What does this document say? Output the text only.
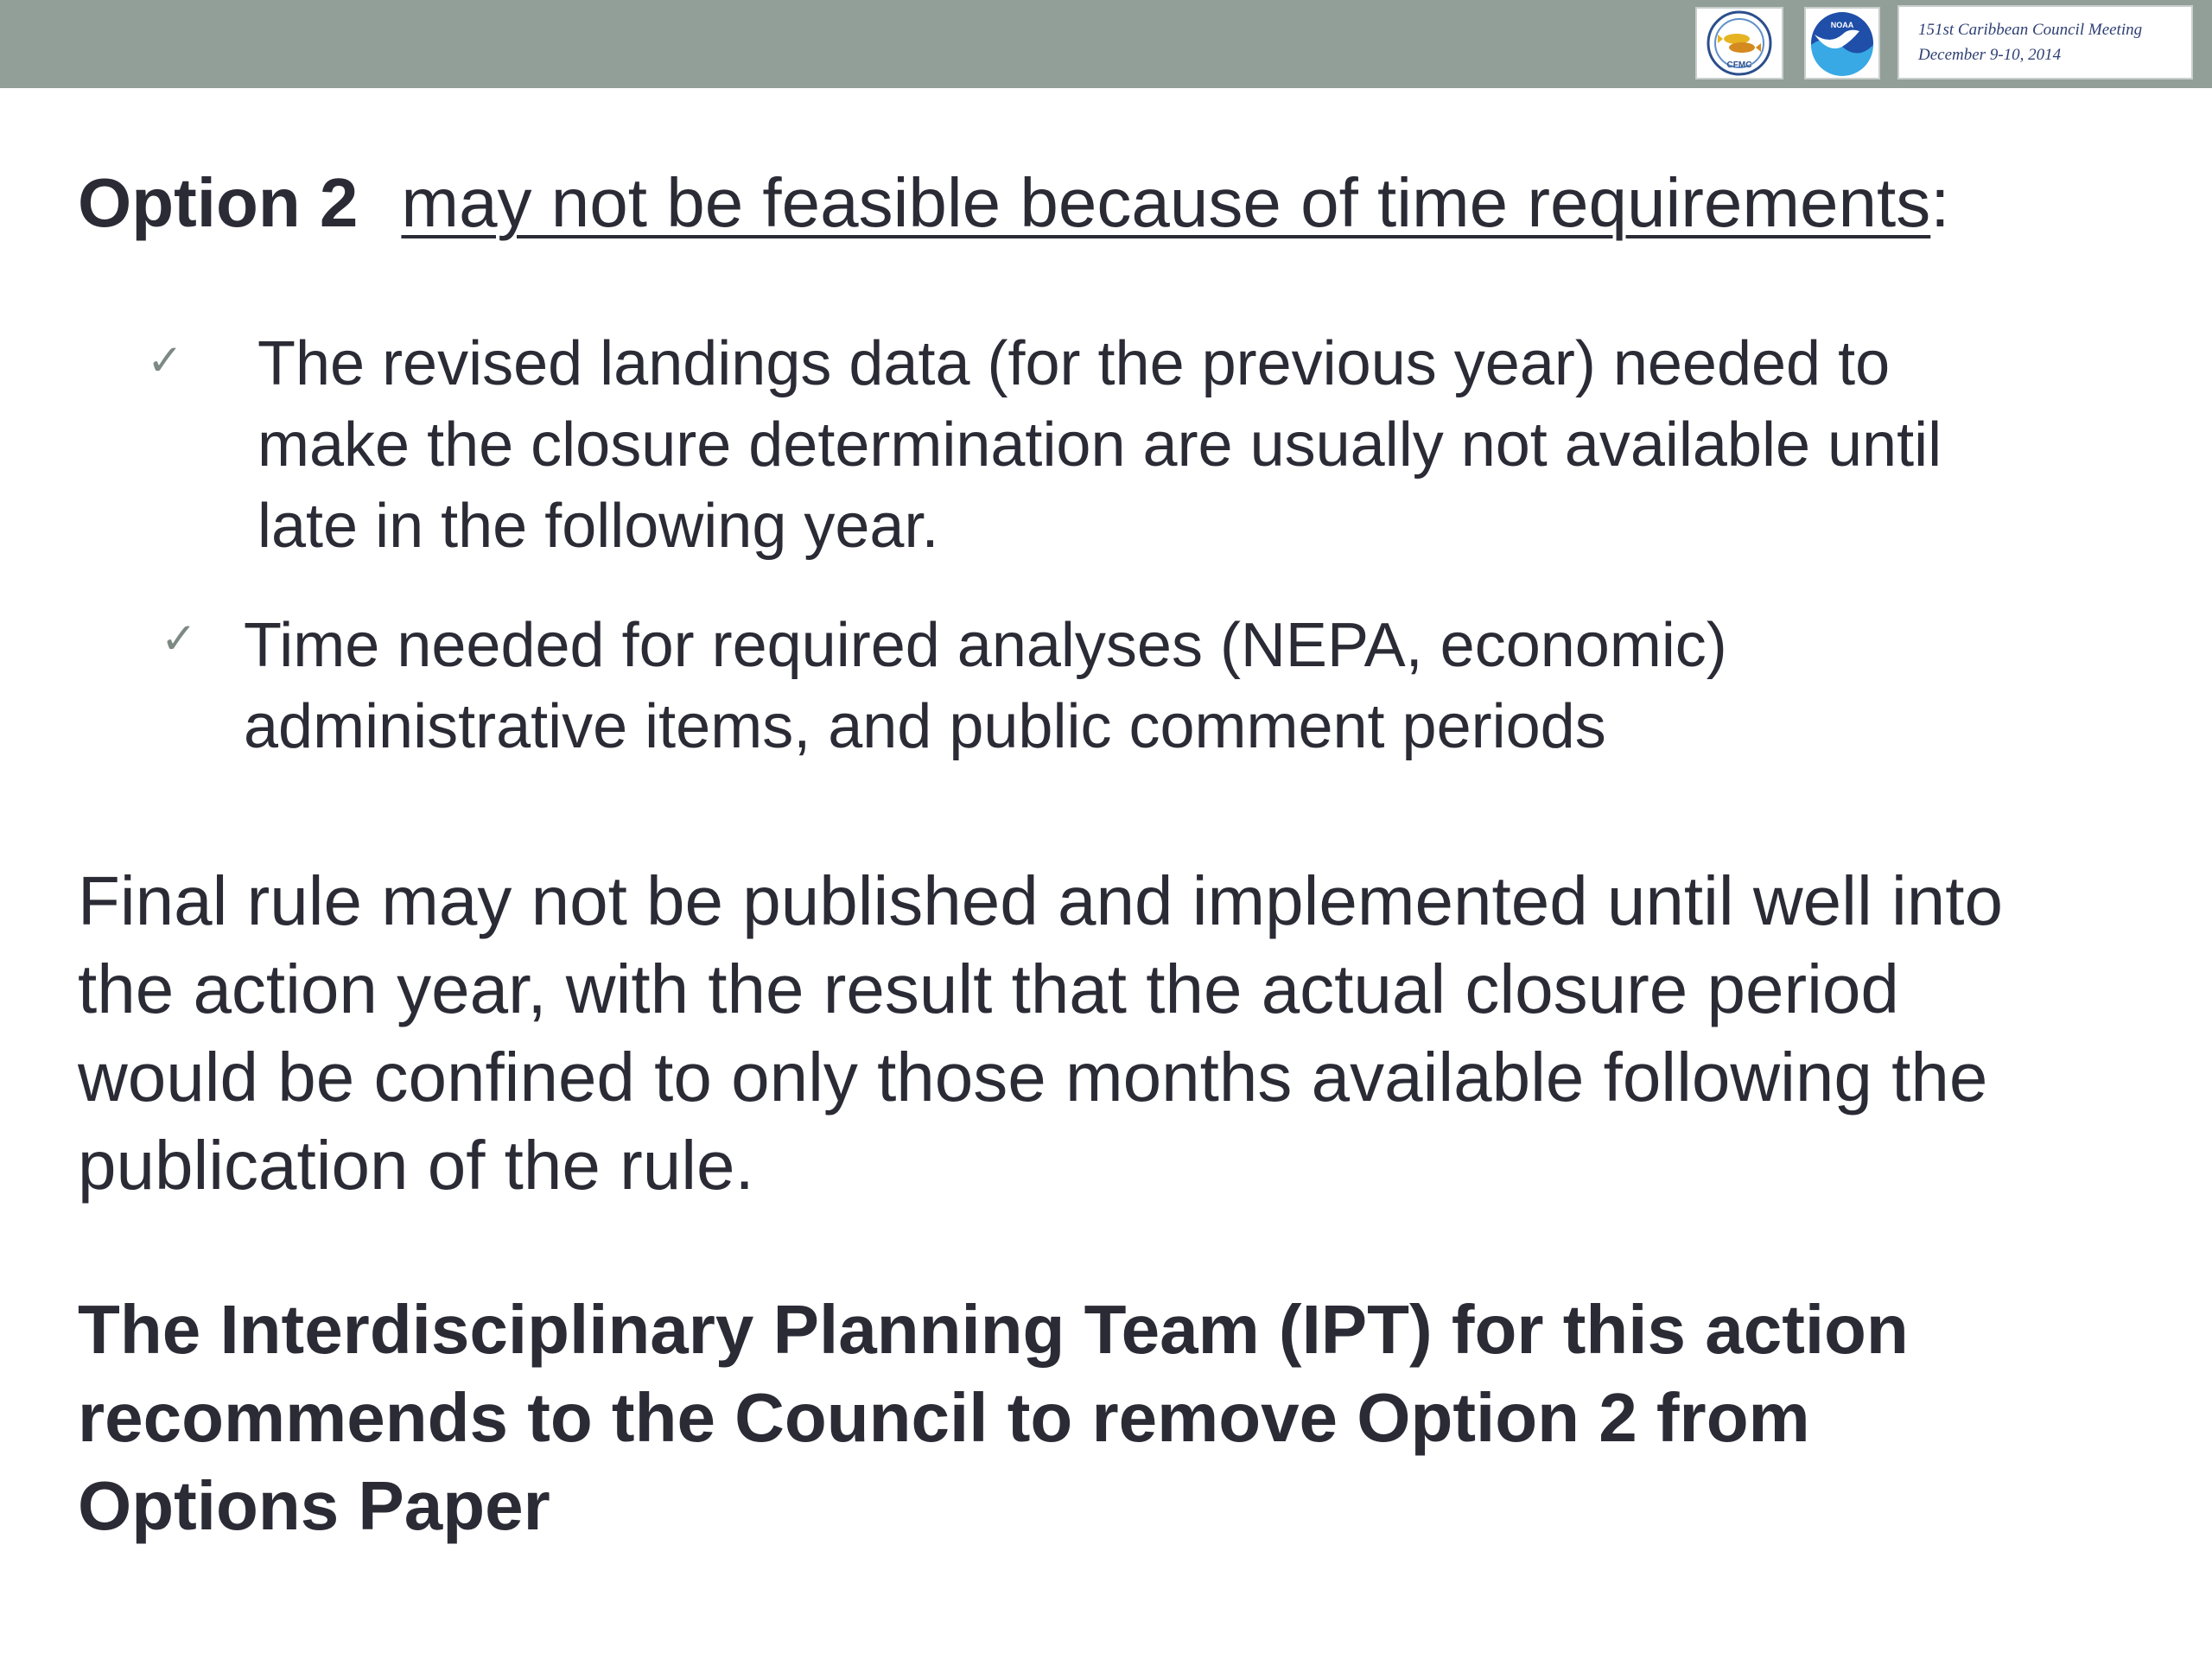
CFMC
NOAA	151st Caribbean Council Meeting
December 9-10, 2014
Option 2 may not be feasible because of time requirements:
✓ The revised landings data (for the previous year) needed to
make the closure determination are usually not available until
late in the following year.
✓ Time needed for required analyses (NEPA, economic)
administrative items, and public comment periods
Final rule may not be published and implemented until well into
the action year, with the result that the actual closure period
would be confined to only those months available following the
publication of the rule.
The Interdisciplinary Planning Team (IPT) for this action
recommends to the Council to remove Option 2 from
Options Paper
